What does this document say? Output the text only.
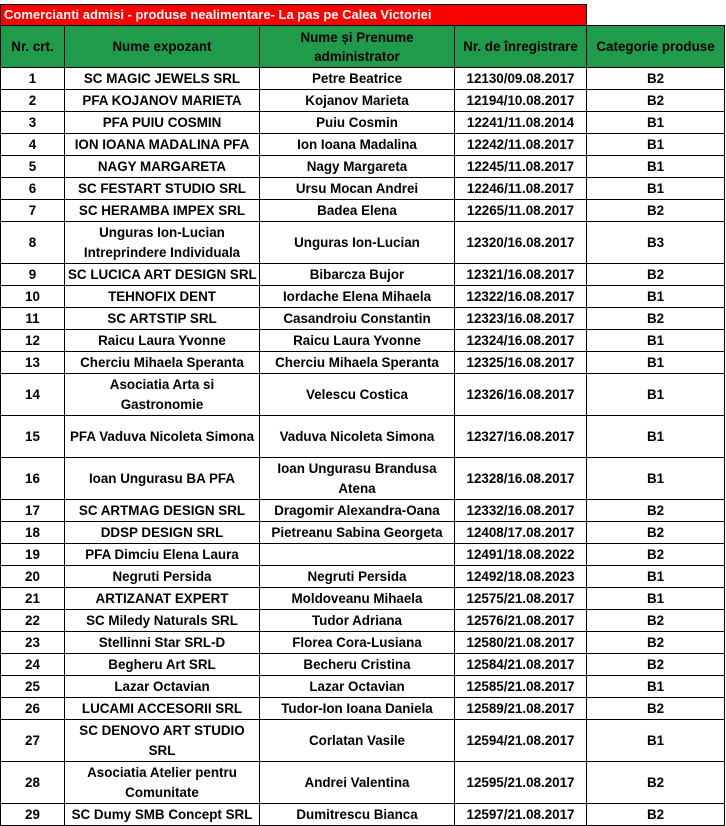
Comercianti admisi - produse nealimentare- La pas pe Calea Victoriei				
Nr. crt.	Nume expozant	Nume și Prenume administrator	Nr. de înregistrare	Categorie produse
1	SC MAGIC JEWELS SRL	Petre Beatrice	12130/09.08.2017	B2
2	PFA KOJANOV MARIETA	Kojanov Marieta	12194/10.08.2017	B2
3	PFA PUIU COSMIN	Puiu Cosmin	12241/11.08.2014	B1
4	ION IOANA MADALINA PFA	Ion Ioana Madalina	12242/11.08.2017	B1
5	NAGY MARGARETA	Nagy Margareta	12245/11.08.2017	B1
6	SC FESTART STUDIO SRL	Ursu Mocan Andrei	12246/11.08.2017	B1
7	SC HERAMBA IMPEX SRL	Badea Elena	12265/11.08.2017	B2
8	Unguras Ion-Lucian Intreprindere Individuala	Unguras Ion-Lucian	12320/16.08.2017	B3
9	SC LUCICA ART DESIGN SRL	Bibarcza Bujor	12321/16.08.2017	B2
10	TEHNOFIX DENT	Iordache Elena Mihaela	12322/16.08.2017	B1
11	SC ARTSTIP SRL	Casandroiu Constantin	12323/16.08.2017	B2
12	Raicu Laura Yvonne	Raicu Laura Yvonne	12324/16.08.2017	B1
13	Cherciu Mihaela Speranta	Cherciu Mihaela Speranta	12325/16.08.2017	B1
14	Asociatia Arta si Gastronomie	Velescu Costica	12326/16.08.2017	B1
15	PFA Vaduva Nicoleta Simona	Vaduva Nicoleta Simona	12327/16.08.2017	B1
16	Ioan Ungurasu BA PFA	Ioan Ungurasu Brandusa Atena	12328/16.08.2017	B1
17	SC ARTMAG DESIGN SRL	Dragomir Alexandra-Oana	12332/16.08.2017	B2
18	DDSP DESIGN SRL	Pietreanu Sabina Georgeta	12408/17.08.2017	B2
19	PFA Dimciu Elena Laura		12491/18.08.2022	B2
20	Negruti Persida	Negruti Persida	12492/18.08.2023	B1
21	ARTIZANAT EXPERT	Moldoveanu Mihaela	12575/21.08.2017	B1
22	SC Miledy Naturals SRL	Tudor Adriana	12576/21.08.2017	B2
23	Stellinni Star SRL-D	Florea Cora-Lusiana	12580/21.08.2017	B2
24	Begheru Art SRL	Becheru Cristina	12584/21.08.2017	B2
25	Lazar Octavian	Lazar Octavian	12585/21.08.2017	B1
26	LUCAMI ACCESORII SRL	Tudor-Ion Ioana Daniela	12589/21.08.2017	B2
27	SC DENOVO ART STUDIO SRL	Corlatan Vasile	12594/21.08.2017	B1
28	Asociatia Atelier pentru Comunitate	Andrei Valentina	12595/21.08.2017	B2
29	SC Dumy SMB Concept SRL	Dumitrescu Bianca	12597/21.08.2017	B2
